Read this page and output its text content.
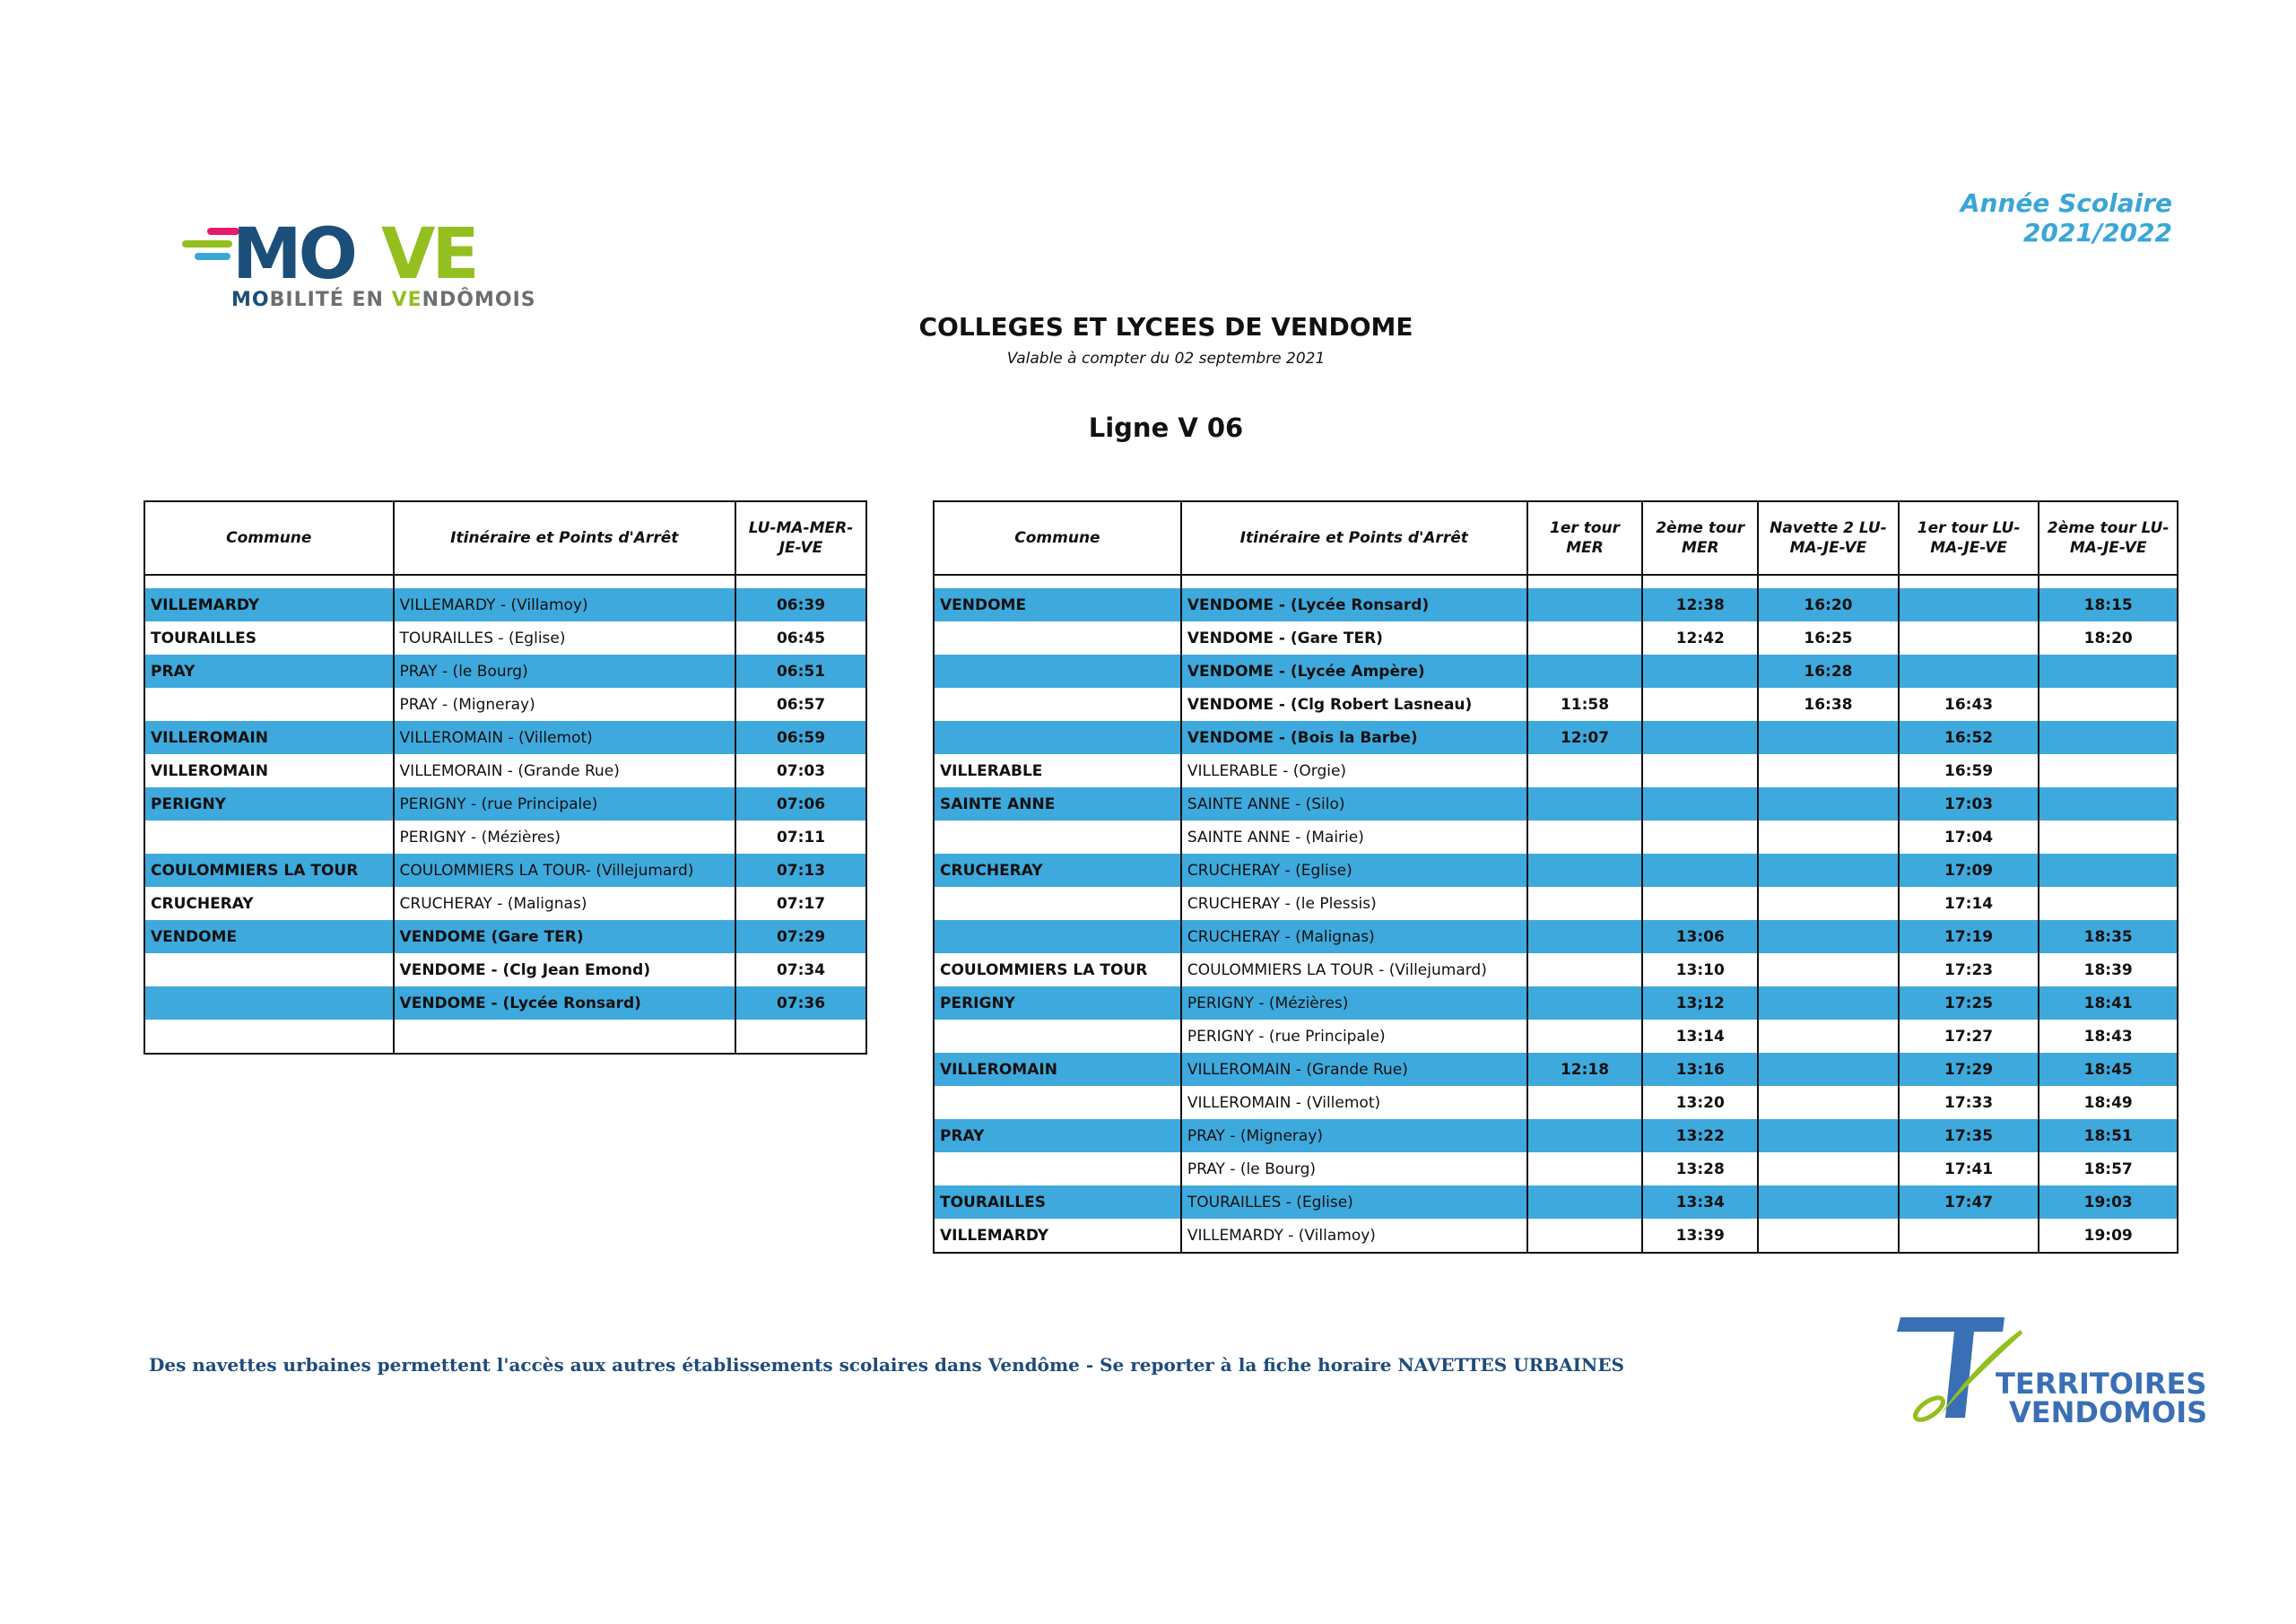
Année Scolaire 2021/2022
COLLEGES ET LYCEES DE VENDOME
Valable à compter du 02 septembre 2021
Ligne V 06
MO VE
MOBILITÉ EN VENDÔMOIS
Commune	Itinéraire et Points d'Arrêt	LU-MA-MER-JE-VE

VILLEMARDY	VILLEMARDY - (Villamoy)	06:39
TOURAILLES	TOURAILLES - (Eglise)	06:45
PRAY	PRAY - (le Bourg)	06:51
	PRAY - (Migneray)	06:57
VILLEROMAIN	VILLEROMAIN - (Villemot)	06:59
VILLEROMAIN	VILLEMORAIN - (Grande Rue)	07:03
PERIGNY	PERIGNY - (rue Principale)	07:06
	PERIGNY - (Mézières)	07:11
COULOMMIERS LA TOUR	COULOMMIERS LA TOUR- (Villejumard)	07:13
CRUCHERAY	CRUCHERAY - (Malignas)	07:17
VENDOME	VENDOME (Gare TER)	07:29
	VENDOME - (Clg Jean Emond)	07:34
	VENDOME - (Lycée Ronsard)	07:36

Commune	Itinéraire et Points d'Arrêt	1er tour MER	2ème tour MER	Navette 2 LU-MA-JE-VE	1er tour LU-MA-JE-VE	2ème tour LU-MA-JE-VE

VENDOME	VENDOME - (Lycée Ronsard)		12:38	16:20		18:15
	VENDOME - (Gare TER)		12:42	16:25		18:20
	VENDOME - (Lycée Ampère)			16:28		
	VENDOME - (Clg Robert Lasneau)	11:58		16:38	16:43	
	VENDOME - (Bois la Barbe)	12:07			16:52	
VILLERABLE	VILLERABLE - (Orgie)				16:59	
SAINTE ANNE	SAINTE ANNE - (Silo)				17:03	
	SAINTE ANNE - (Mairie)				17:04	
CRUCHERAY	CRUCHERAY - (Eglise)				17:09	
	CRUCHERAY - (le Plessis)				17:14	
	CRUCHERAY - (Malignas)		13:06		17:19	18:35
COULOMMIERS LA TOUR	COULOMMIERS LA TOUR - (Villejumard)		13:10		17:23	18:39
PERIGNY	PERIGNY - (Mézières)		13;12		17:25	18:41
	PERIGNY - (rue Principale)		13:14		17:27	18:43
VILLEROMAIN	VILLEROMAIN - (Grande Rue)	12:18	13:16		17:29	18:45
	VILLEROMAIN - (Villemot)		13:20		17:33	18:49
PRAY	PRAY - (Migneray)		13:22		17:35	18:51
	PRAY - (le Bourg)		13:28		17:41	18:57
TOURAILLES	TOURAILLES - (Eglise)		13:34		17:47	19:03
VILLEMARDY	VILLEMARDY - (Villamoy)		13:39			19:09
Des navettes urbaines permettent l'accès aux autres établissements scolaires dans Vendôme - Se reporter à la fiche horaire NAVETTES URBAINES
TERRITOIRES
VENDOMOIS
